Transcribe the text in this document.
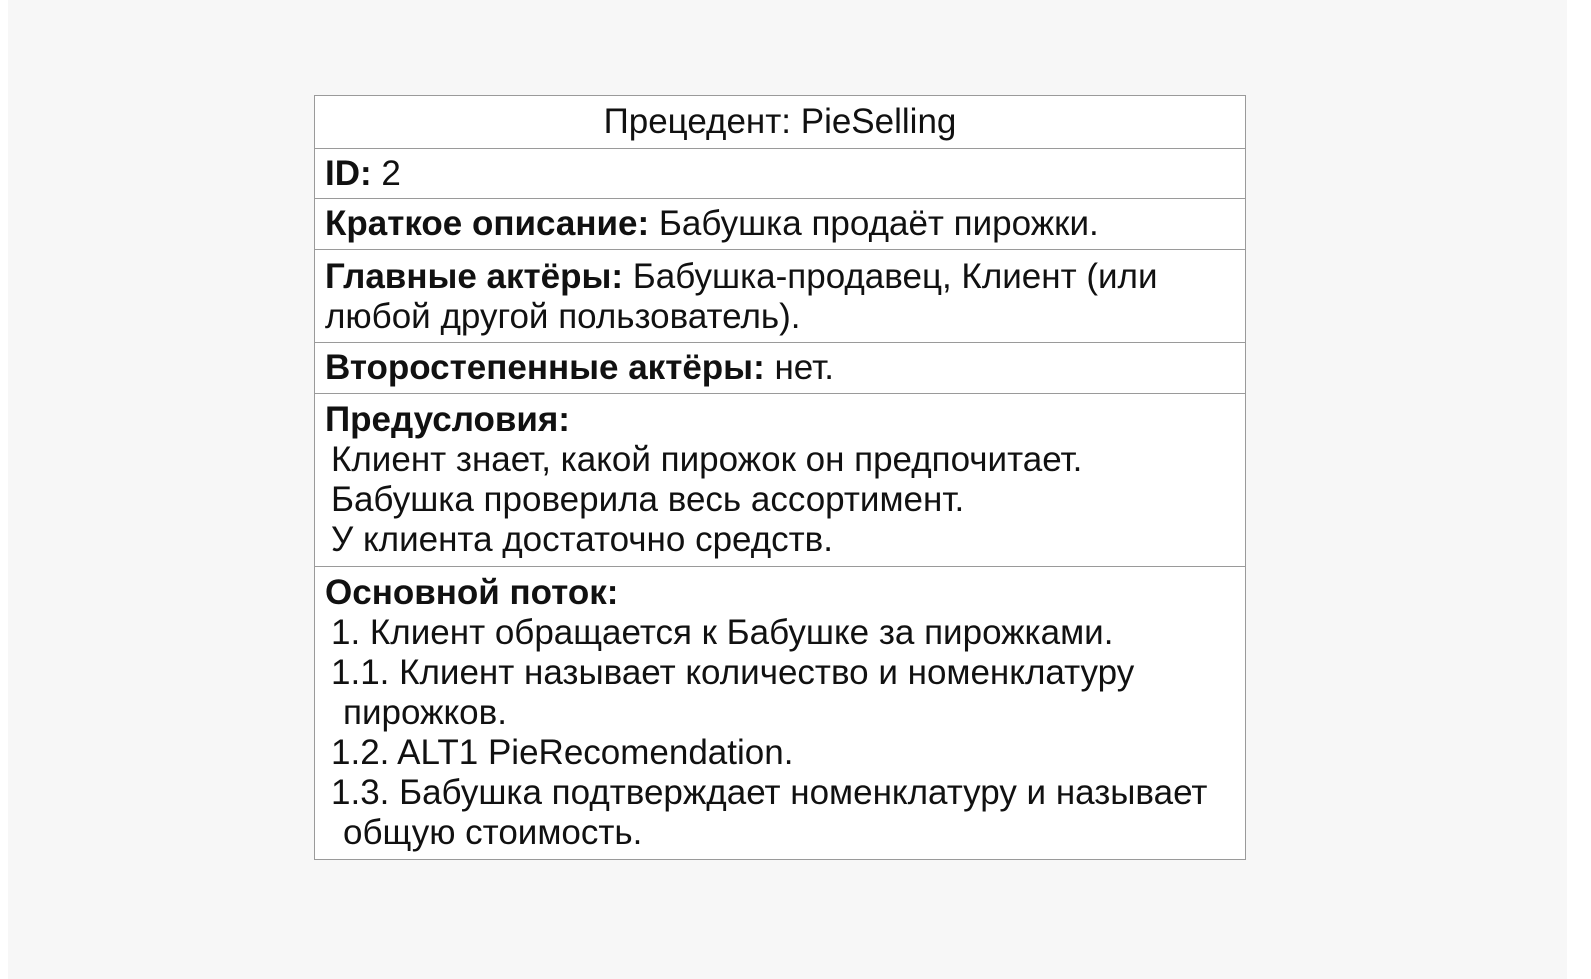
Прецедент: PieSelling
ID: 2
Краткое описание: Бабушка продаёт пирожки.
Главные актёры: Бабушка-продавец, Клиент (или
любой другой пользователь).
Второстепенные актёры: нет.
Предусловия:
Клиент знает, какой пирожок он предпочитает.
Бабушка проверила весь ассортимент.
У клиента достаточно средств.
Основной поток:
1. Клиент обращается к Бабушке за пирожками.
1.1. Клиент называет количество и номенклатуру
пирожков.
1.2. ALT1 PieRecomendation.
1.3. Бабушка подтверждает номенклатуру и называет
общую стоимость.
